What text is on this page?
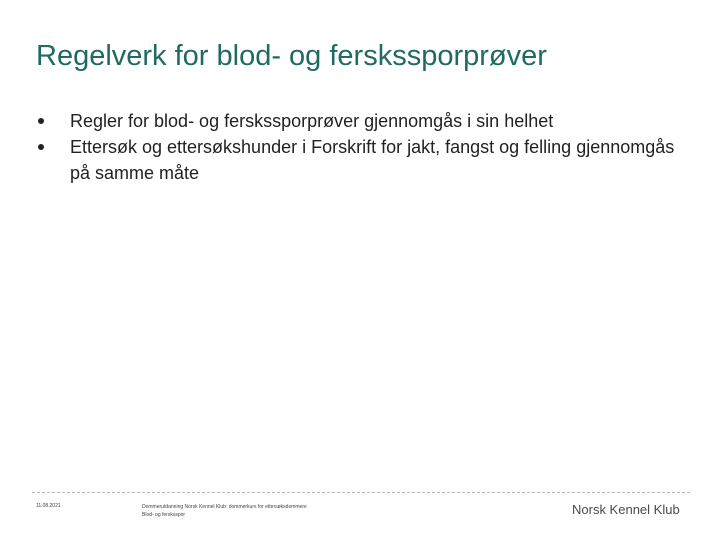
Regelverk for blod- og ferskssporprøver
Regler for blod- og ferskssporprøver gjennomgås i sin helhet
Ettersøk og ettersøkshunder i Forskrift for jakt, fangst og felling gjennomgås på samme måte
11.08.2021	Dommerutdanning Norsk Kennel Klub: dommerkurs for ettersøksdommere
Blod- og fersksspor	Norsk Kennel Klub
